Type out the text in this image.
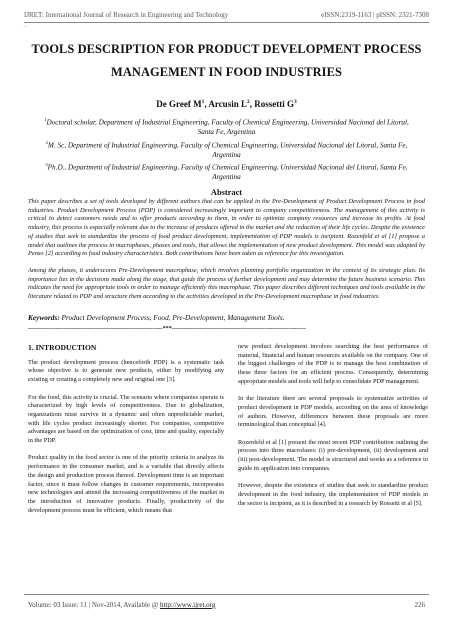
IJRET: International Journal of Research in Engineering and Technology	eISSN:2319-1163 | pISSN: 2321-7308
_
TOOLS DESCRIPTION FOR PRODUCT DEVELOPMENT PROCESS
MANAGEMENT IN FOOD INDUSTRIES
De Greef $M^1$, Arcusin $L^2$, Rossetti $G^3$

$^1$Doctoral scholar, Department of Industrial Engineering, Faculty of Chemical Engineering, Universidad Nacional del Litoral, Santa Fe, Argentina

$^2$M. Sc, Department of Industrial Engineering, Faculty of Chemical Engineering, Universidad Nacional del Litoral, Santa Fe, Argentina

$^3$Ph.D., Department of Industrial Engineering, Faculty of Chemical Engineering, Universidad Nacional del Litoral, Santa Fe, Argentina

Abstract

This paper describes a set of tools developed by different authors that can be applied in the Pre-Development of Product Development Process in food industries. Product Development Process (PDP) is considered increasingly important to company competitiveness. The management of this activity is critical to detect customers needs and to offer products according to them, in order to optimize company resources and increase its profits. At food industry, this process is especially relevant due to the increase of products offered in the market and the reduction of their life cycles. Despite the existence of studies that seek to standardize the process of food product development, implementation of PDP models is incipient. Rozenfeld et al [1] propose a model that outlines the process in macrophases, phases and tools, that allows the implementation of new product development. This model was adapted by Penso [2] according to food industry characteristics. Both contributions have been taken as reference for this investigation.

Among the phases, it underscores Pre-Development macrophase, which involves planning portfolio organization in the context of its strategic plan. Its importance lies in the decisions made along the stage, that guide the process of further development and may determine the future business scenario. This indicates the need for appropriate tools in order to manage efficiently this macrophase. This paper describes different techniques and tools available in the literature related to PDP and structure them according to the activities developed in the Pre-Development macrophase in food industries.

Keywords: Product Development Process, Food, Pre-Development, Management Tools.
--------------------------------------------------------------------***--------------------------------------------------------------------
1. INTRODUCTION

The product development process (henceforth PDP) is a systematic task whose objective is to generate new products, either by modifying any existing or creating a completely new and original one [3].

For the food, this activity is crucial. The scenario where companies operate is characterized by high levels of competitiveness. Due to globalization, organizations must survive in a dynamic and often unpredictable market, with life cycles product increasingly shorter. For companies, competitive advantages are based on the optimization of cost, time and quality, especially in the PDP.

Product quality in the food sector is one of the priority criteria to analyze its performance in the consumer market, and is a variable that directly affects the design and production process thereof. Development time is an important factor, since it must follow changes in customer requirements, incorporates new technologies and attend the increasing competitiveness of the market in the introduction of innovative products. Finally, productivity of the development process must be efficient, which means that

new product development involves searching the best performance of material, financial and human resources available on the company. One of the biggest challenges of the PDP is to manage the best combination of these three factors for an efficient process. Consequently, determining appropriate models and tools will help to consolidate PDP management.

In the literature there are several proposals to systematize activities of product development in PDP models, according on the area of knowledge of authors. However, differences between these proposals are more terminological than conceptual [4].

Rozenfeld et al [1] present the most recent PDP contribution outlining the process into three macrofases: (i) pre-development, (ii) development and (iii) post-development. The model is structured and works as a reference to guide its application into companies.

However, despite the existence of studies that seek to standardize product development in the food industry, the implementation of PDP models in the sector is incipient, as it is described in a research by Rossetti et al [5].

Volume: 03 Issue: 11 | Nov-2014, Available @ http://www.ijret.org	226
